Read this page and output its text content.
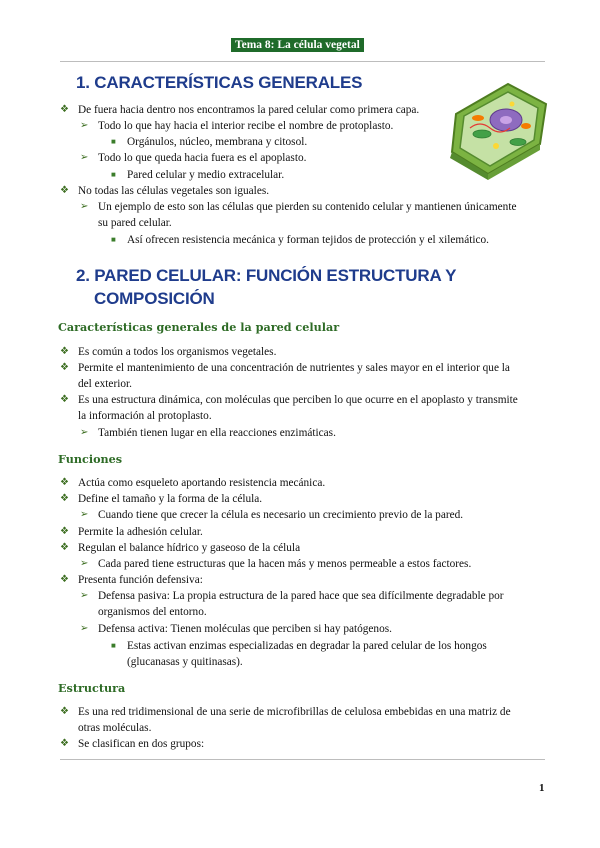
Tema 8: La célula vegetal
1. CARACTERÍSTICAS GENERALES
❖ De fuera hacia dentro nos encontramos la pared celular como primera capa.
➢ Todo lo que hay hacia el interior recibe el nombre de protoplasto.
■ Orgánulos, núcleo, membrana y citosol.
➢ Todo lo que queda hacia fuera es el apoplasto.
■ Pared celular y medio extracelular.
❖ No todas las células vegetales son iguales.
➢ Un ejemplo de esto son las células que pierden su contenido celular y mantienen únicamente
su pared celular.
■ Así ofrecen resistencia mecánica y forman tejidos de protección y el xilemático.
2. PARED CELULAR: FUNCIÓN ESTRUCTURA Y
COMPOSICIÓN
Características generales de la pared celular
❖ Es común a todos los organismos vegetales.
❖ Permite el mantenimiento de una concentración de nutrientes y sales mayor en el interior que la
del exterior.
❖ Es una estructura dinámica, con moléculas que perciben lo que ocurre en el apoplasto y transmite
la información al protoplasto.
➢ También tienen lugar en ella reacciones enzimáticas.
Funciones
❖ Actúa como esqueleto aportando resistencia mecánica.
❖ Define el tamaño y la forma de la célula.
➢ Cuando tiene que crecer la célula es necesario un crecimiento previo de la pared.
❖ Permite la adhesión celular.
❖ Regulan el balance hídrico y gaseoso de la célula
➢ Cada pared tiene estructuras que la hacen más y menos permeable a estos factores.
❖ Presenta función defensiva:
➢ Defensa pasiva: La propia estructura de la pared hace que sea difícilmente degradable por
organismos del entorno.
➢ Defensa activa: Tienen moléculas que perciben si hay patógenos.
■ Estas activan enzimas especializadas en degradar la pared celular de los hongos
(glucanasas y quitinasas).
Estructura
❖ Es una red tridimensional de una serie de microfibrillas de celulosa embebidas en una matriz de
otras moléculas.
❖ Se clasifican en dos grupos:
1
